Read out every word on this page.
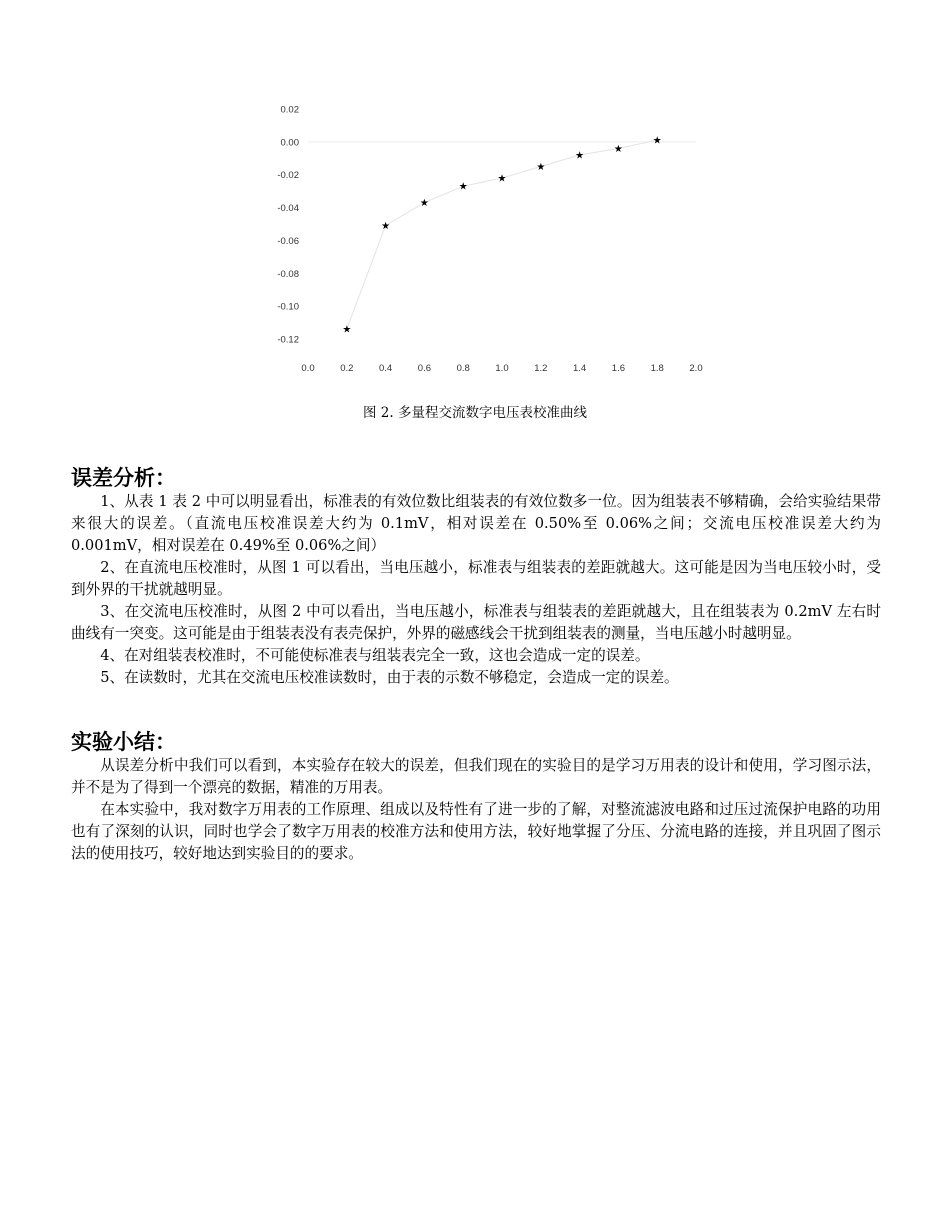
0.02
0.00
-0.02
-0.04
-0.06
-0.08
-0.10
-0.12
0.0	0.2	0.4	0.6	0.8	1.0	1.2	1.4	1.6	1.8	2.0
★
★
★
★
★
★
★
★
★
图 2. 多量程交流数字电压表校准曲线
误差分析：

1、从表 1 表 2 中可以明显看出，标准表的有效位数比组装表的有效位数多一位。因为组装表不够精确，会给实验结果带来很大的误差。（直流电压校准误差大约为 0.1mV，相对误差在 0.50%至 0.06%之间；交流电压校准误差大约为 0.001mV，相对误差在 0.49%至 0.06%之间）

2、在直流电压校准时，从图 1 可以看出，当电压越小，标准表与组装表的差距就越大。这可能是因为当电压较小时，受到外界的干扰就越明显。

3、在交流电压校准时，从图 2 中可以看出，当电压越小，标准表与组装表的差距就越大，且在组装表为 0.2mV 左右时曲线有一突变。这可能是由于组装表没有表壳保护，外界的磁感线会干扰到组装表的测量，当电压越小时越明显。

4、在对组装表校准时，不可能使标准表与组装表完全一致，这也会造成一定的误差。

5、在读数时，尤其在交流电压校准读数时，由于表的示数不够稳定，会造成一定的误差。

实验小结：

从误差分析中我们可以看到，本实验存在较大的误差，但我们现在的实验目的是学习万用表的设计和使用，学习图示法，并不是为了得到一个漂亮的数据，精准的万用表。

在本实验中，我对数字万用表的工作原理、组成以及特性有了进一步的了解，对整流滤波电路和过压过流保护电路的功用也有了深刻的认识，同时也学会了数字万用表的校准方法和使用方法，较好地掌握了分压、分流电路的连接，并且巩固了图示法的使用技巧，较好地达到实验目的的要求。
